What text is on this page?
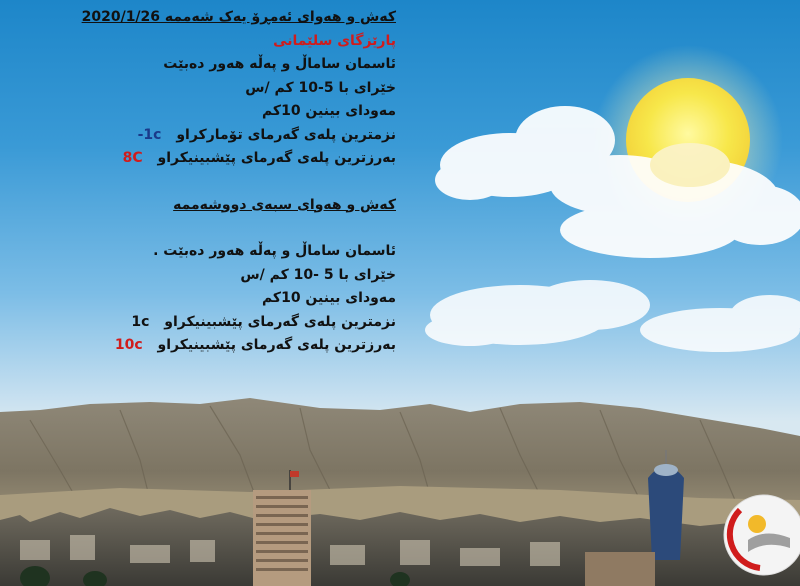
کەش و هەوای ئەمڕۆ یەک شەممە 2020/1/26
پارێزگای سلێمانی
ئاسمان ساماڵ و پەڵە هەور دەبێت
خێرای با 5-10 کم /س
مەودای بینین 10کم
نزمترین پلەی گەرمای تۆمارکراو -1c
بەرزترین پلەی گەرمای پێشبینیکراو 8C
کەش و هەوای سبەی دووشەممە
ئاسمان ساماڵ و پەڵە هەور دەبێت .
خێرای با 5 -10 کم /س
مەودای بینین 10کم
نزمترین پلەی گەرمای پێشبینیکراو 1c
بەرزترین پلەی گەرمای پێشبینیکراو 10c
